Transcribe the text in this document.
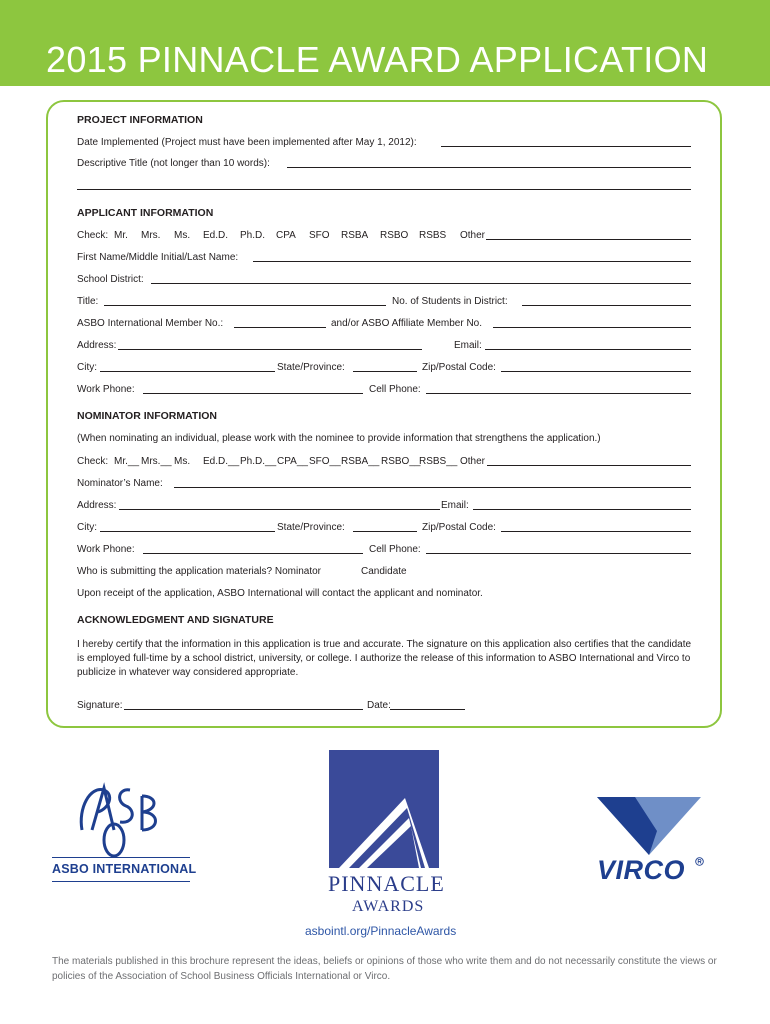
2015 PINNACLE AWARD APPLICATION
PROJECT INFORMATION
Date Implemented (Project must have been implemented after May 1, 2012):
Descriptive Title (not longer than 10 words):
APPLICANT INFORMATION
Check: Mr. Mrs. Ms. Ed.D. Ph.D. CPA SFO RSBA RSBO RSBS Other
First Name/Middle Initial/Last Name:
School District:
Title:	No. of Students in District:
ASBO International Member No.:	and/or ASBO Affiliate Member No.
Address:	Email:
City:	State/Province:	Zip/Postal Code:
Work Phone:	Cell Phone:
NOMINATOR INFORMATION
(When nominating an individual, please work with the nominee to provide information that strengthens the application.)
Check: Mr.__ Mrs.__ Ms. Ed.D.__ Ph.D.__ CPA__ SFO__ RSBA__ RSBO__
RSBS__ Other
Nominator’s Name:
Address:	Email:
City:	State/Province:	Zip/Postal Code:
Work Phone:	Cell Phone:
Who is submitting the application materials? Nominator	Candidate
Upon receipt of the application, ASBO International will contact the applicant and nominator.
ACKNOWLEDGMENT AND SIGNATURE
I hereby certify that the information in this application is true and accurate. The signature on this application also certifies that the candidate is employed full-time by a school district, university, or college. I authorize the release of this information to ASBO International and Virco to publicize in whatever way considered appropriate.
Signature:	Date:
ASBO INTERNATIONAL
PINNACLE
AWARDS
asbointl.org/PinnacleAwards
VIRCO
The materials published in this brochure represent the ideas, beliefs or opinions of those who write them and do not necessarily constitute the views or policies of the Association of School Business Officials International or Virco.
